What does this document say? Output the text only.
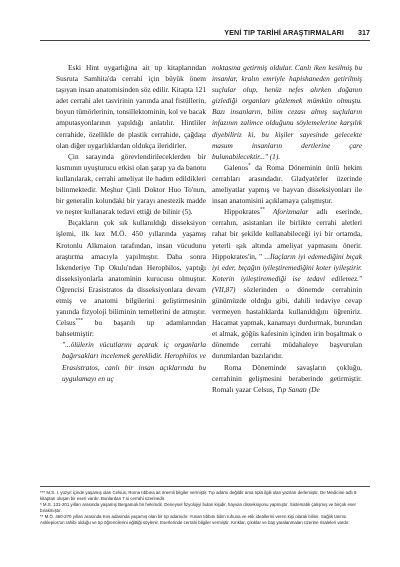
YENİ TIP TARİHİ ARAŞTIRMALARI 317

Eski Hint uygarlığına ait tıp kitaplarından Susruta Samhita'da cerrahi için büyük önem taşıyan insan anatomisinden söz edilir. Kitapta 121 adet cerrahi alet tasvirinin yanında anal fistüllerin, boyun tümörlerinin, tonsillektominin, kol ve bacak amputasyonlarının yapıldığı anlatılır. Hintliler cerrahide, özellikle de plastik cerrahide, çağdaşı olan diğer uygarlıklardan oldukça ileridirler.

Çin sarayında görevlendirileceklerden bir kısmının uyuşturucu etkisi olan şarap ya da banotu kullanılarak, cerrahi ameliyat ile hadım edildikleri bilinmektedir. Meşhur Çinli Doktor Huo To'nun, bir generalin kolundaki bir yarayı anestezik madde ve neşter kullanarak tedavi ettiği de bilinir (5).

Bıçakların çok sık kullanıldığı disseksiyon işlemi, ilk kez M.Ö. 450 yıllarında yaşamış Krotonlu Alkmaion tarafından, insan vücudunu araştırma amacıyla yapılmıştır. Daha sonra İskenderiye Tıp Okulu'ndan Herophilos, yaptığı disseksiyonlarla anatominin kurucusu olmuştur. Öğrencisi Erasistratos da disseksiyonlara devam etmiş ve anatomi bilgilerini geliştirmesinin yanında fizyoloji biliminin temellerini de atmıştır. Celsus*** bu başarılı tıp adamlarından bahsetmiştir:

"...ölülerin vücutlarını açarak iç organlarla bağırsakları incelemek gereklidir. Herophilos ve Erasistratos, canlı bir insan açıklarında bu uygulamayı en uç

noktasına getirmiş oldular. Canlı iken kesilmiş bu insanlar, kralın emriyle hapishaneden getirilmiş suçlular olup, henüz nefes alırken doğanın gizlediği organları gözlemek mümkün olmuştu. Bazı insanların, bilim cezası almış suçluların infazının zalimce olduğunu söylemelerine karşılık diyebiliriz ki, bu kişiler sayesinde gelecekte masum insanların dertlerine çare bulunabilecektir..." (1).

Galenos* da Roma Döneminin ünlü hekim cerrahları arasındadır. Gladyatörler üzerinde ameliyatlar yapmış ve hayvan disseksiyonları ile insan anatomisini açıklamaya çalışmıştır.

Hippokrates** Aforizmalar adlı eserinde, cerrahın, asistanları ile birlikte cerrahi aletleri rahat bir şekilde kullanabileceği iyi bir ortamda, yeterli ışık altında ameliyat yapmasını önerir. Hippokrates'in, " ...İlaçların iyi edemediğini bıçak iyi eder, bıçağın iyileştiremediğini koter iyileştirir. Koterin iyileştiremediği ise tedavi edilemez." (VII,87) sözlerinden o dönemde cerrahinin günümüzde olduğu gibi, dahili tedaviye cevap vermeyen hastalıklarda kullanıldığını öğreniriz. Hacamat yapmak, kanamayı durdurmak, burundan et almak, göğüs kafesinin içinden irin boşaltmak o dönemde cerrahi müdahaleye başvurulan durumlardan bazılarıdır.

Roma Döneminde savaşların çokluğu, cerrahinin gelişmesini beraberinde getirmiştir. Romalı yazar Celsus, Tıp Sanatı (De

*** M.S. I. yüzyıl içinde yaşamış olan Celsus, Roma tıbbına ait önemli bilgiler vermiştir. Tıp adamı değildir ama tıpla ilgili olan yazıları derlemiştir. De Medicine adlı 8 kitaptan oluşan bir eseri vardır. Bunlardan 7.si cerrahi üzerinedir.

* M.S. 131-201 yılları arasında yaşamış Bergamalı bir hekimdir. Deneysel fizyolojiyi bulan kişidir, hayvan disseksiyonu yapmıştır. Sistematik çalışmış ve birçok eser bırakmıştır.

** M.Ö. 460-370 yılları arasında Kos adasında yaşamış olan bir tıp adamıdır. Yunan tıbbını bilim ruhuna ve etik ideallerini veren kişi olarak bilinir. Sağlık tanrısı Asklepios'un rahibi olduğu ve tıp öğrencilerini eğittiği söylenir. Eserlerinde cerrahi bilgiler vermiştir. Kırıklar, çıkıklar ve baş yaralanmaları üzerine risaleleri vardır.
